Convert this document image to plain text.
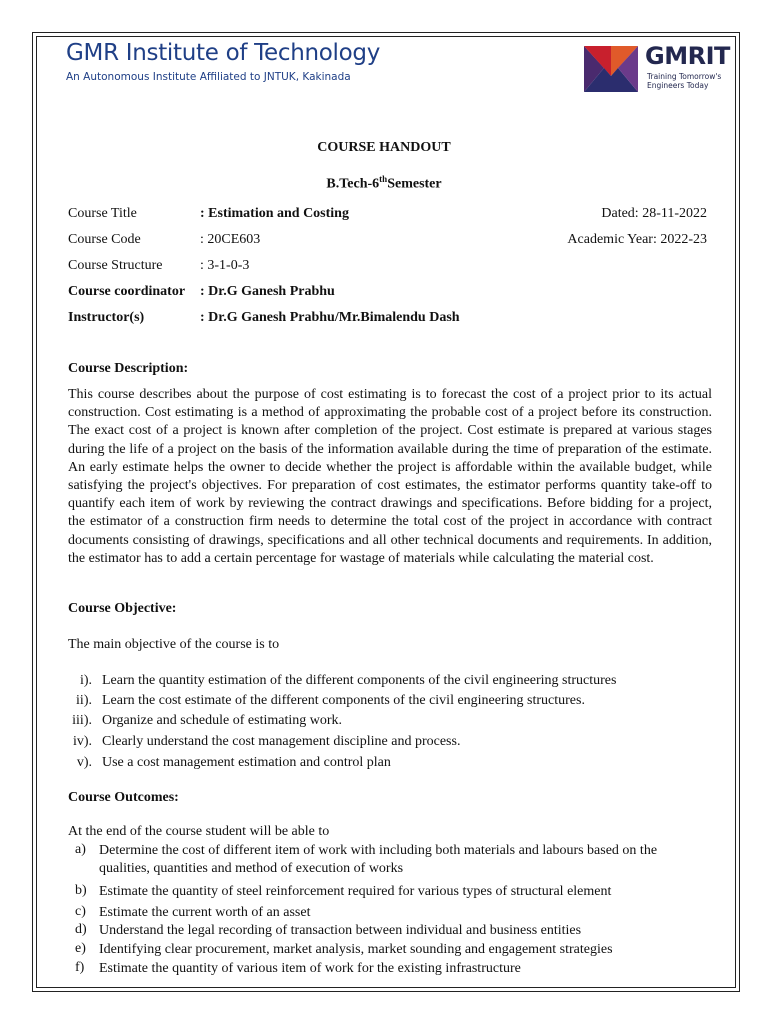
GMR Institute of Technology
An Autonomous Institute Affiliated to JNTUK, Kakinada
GMRIT
Training Tomorrow's
Engineers Today
COURSE HANDOUT
B.Tech-6thSemester
Course Title	: Estimation and Costing	Dated: 28-11-2022
Course Code	: 20CE603	Academic Year: 2022-23
Course Structure	: 3-1-0-3
Course coordinator : Dr.G Ganesh Prabhu
Instructor(s)	: Dr.G Ganesh Prabhu/Mr.Bimalendu Dash
Course Description:
This course describes about the purpose of cost estimating is to forecast the cost of a project prior to its actual construction. Cost estimating is a method of approximating the probable cost of a project before its construction. The exact cost of a project is known after completion of the project. Cost estimate is prepared at various stages during the life of a project on the basis of the information available during the time of preparation of the estimate. An early estimate helps the owner to decide whether the project is affordable within the available budget, while satisfying the project's objectives. For preparation of cost estimates, the estimator performs quantity take-off to quantify each item of work by reviewing the contract drawings and specifications. Before bidding for a project, the estimator of a construction firm needs to determine the total cost of the project in accordance with contract documents consisting of drawings, specifications and all other technical documents and requirements. In addition, the estimator has to add a certain percentage for wastage of materials while calculating the material cost.
Course Objective:
The main objective of the course is to
i). Learn the quantity estimation of the different components of the civil engineering structures
ii). Learn the cost estimate of the different components of the civil engineering structures.
iii). Organize and schedule of estimating work.
iv). Clearly understand the cost management discipline and process.
v). Use a cost management estimation and control plan
Course Outcomes:
At the end of the course student will be able to
a) Determine the cost of different item of work with including both materials and labours based on the qualities, quantities and method of execution of works
b) Estimate the quantity of steel reinforcement required for various types of structural element
c) Estimate the current worth of an asset
d) Understand the legal recording of transaction between individual and business entities
e) Identifying clear procurement, market analysis, market sounding and engagement strategies
f) Estimate the quantity of various item of work for the existing infrastructure
